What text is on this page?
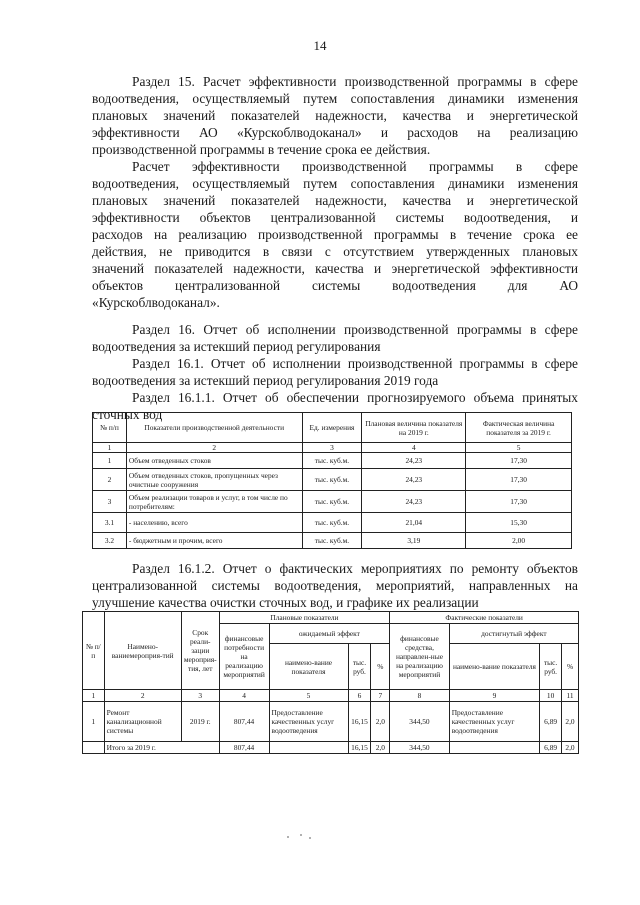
14

Раздел 15. Расчет эффективности производственной программы в сфере

водоотведения, осуществляемый путем сопоставления динамики изменения

плановых значений показателей надежности, качества и энергетической

эффективности АО «Курскоблводоканал» и расходов на реализацию

производственной программы в течение срока ее действия.

Расчет эффективности производственной программы в сфере

водоотведения, осуществляемый путем сопоставления динамики изменения

плановых значений показателей надежности, качества и энергетической

эффективности объектов централизованной системы водоотведения, и

расходов на реализацию производственной программы в течение срока ее

действия, не приводится в связи с отсутствием утвержденных плановых

значений показателей надежности, качества и энергетической эффективности

объектов централизованной системы водоотведения для АО

«Курскоблводоканал».

Раздел 16. Отчет об исполнении производственной программы в сфере

водоотведения за истекший период регулирования

Раздел 16.1. Отчет об исполнении производственной программы в сфере

водоотведения за истекший период регулирования 2019 года

Раздел 16.1.1. Отчет об обеспечении прогнозируемого объема принятых

сточных вод

№ п/п	Показатели производственной деятельности	Ед. измерения	Плановая величина показателя на 2019 г.	Фактическая величина показателя за 2019 г.
1	2	3	4	5
1	Объем отведенных стоков	тыс. куб.м.	24,23	17,30
2	Объем отведенных стоков, пропущенных через очистные сооружения	тыс. куб.м.	24,23	17,30
3	Объем реализации товаров и услуг, в том числе по потребителям:	тыс. куб.м.	24,23	17,30
3.1	- населению, всего	тыс. куб.м.	21,04	15,30
3.2	- бюджетным и прочим, всего	тыс. куб.м.	3,19	2,00

Раздел 16.1.2. Отчет о фактических мероприятиях по ремонту объектов

централизованной системы водоотведения, мероприятий, направленных на

улучшение качества очистки сточных вод, и графике их реализации

№ п/п	Наимено-ваниемероприя-тий	Срок реали-зации мероприя-тия, лет	Плановые показатели				Фактические показатели			
			финансовые потребности на реализацию мероприятий	ожидаемый эффект			финансовые средства, направлен-ные на реализацию мероприятий	достигнутый эффект		
				наимено-вание показателя	тыс. руб.	%		наимено-вание показателя	тыс. руб.	%
1	2	3	4	5	6	7	8	9	10	11
1	Ремонт канализационной системы	2019 г.	807,44	Предоставление качественных услуг водоотведения	16,15	2,0	344,50	Предоставление качественных услуг водоотведения	6,89	2,0
	Итого за 2019 г.		807,44		16,15	2,0	344,50		6,89	2,0
